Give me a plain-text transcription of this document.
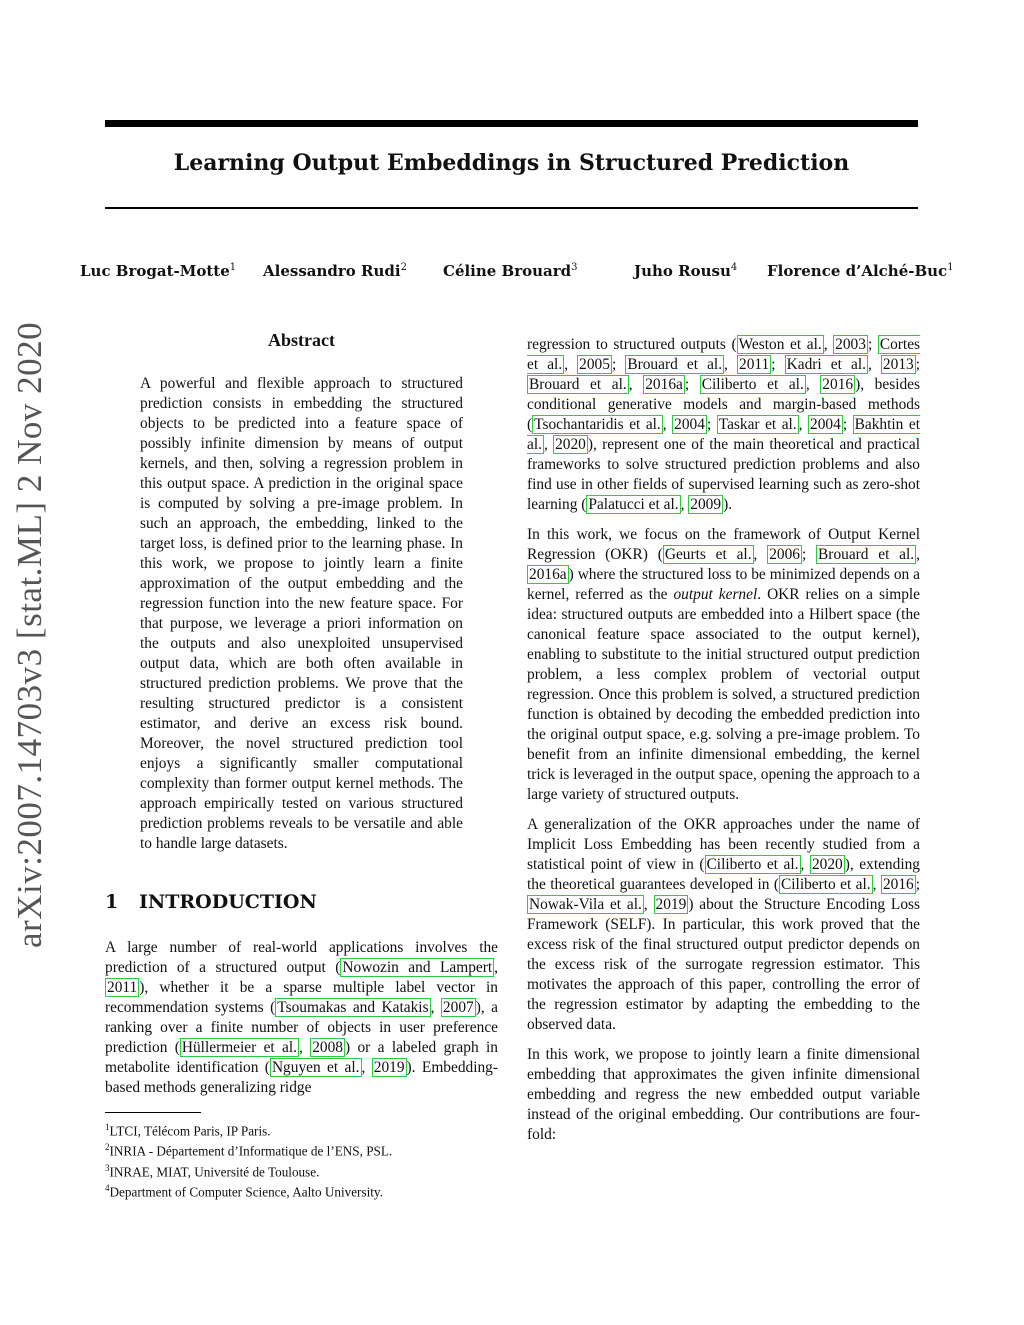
arXiv:2007.14703v3 [stat.ML] 2 Nov 2020
Learning Output Embeddings in Structured Prediction
Luc Brogat-Motte$^1$ Alessandro Rudi$^2$ Céline Brouard$^3$	Juho Rousu$^4$ Florence d’Alché-Buc$^1$
Abstract
A powerful and flexible approach to structured prediction consists in embedding the structured objects to be predicted into a feature space of possibly infinite dimension by means of output kernels, and then, solving a regression problem in this output space. A prediction in the original space is computed by solving a pre-image problem. In such an approach, the embedding, linked to the target loss, is defined prior to the learning phase. In this work, we propose to jointly learn a finite approximation of the output embedding and the regression function into the new feature space. For that purpose, we leverage a priori information on the outputs and also unexploited unsupervised output data, which are both often available in structured prediction problems. We prove that the resulting structured predictor is a consistent estimator, and derive an excess risk bound. Moreover, the novel structured prediction tool enjoys a significantly smaller computational complexity than former output kernel methods. The approach empirically tested on various structured prediction problems reveals to be versatile and able to handle large datasets.
1 INTRODUCTION

A large number of real-world applications involves the prediction of a structured output ( Nowozin and Lampert , 2011 ), whether it be a sparse multiple label vector in recommendation systems ( Tsoumakas and Katakis , 2007 ), a ranking over a finite number of objects in user preference prediction ( Hüllermeier et al. , 2008 ) or a labeled graph in metabolite identification ( Nguyen et al. , 2019 ). Embedding-based methods generalizing ridge

$^1$LTCI, Télécom Paris, IP Paris.
$^2$INRIA - Département d’Informatique de l’ENS, PSL.
$^3$INRAE, MIAT, Université de Toulouse.
$^4$Department of Computer Science, Aalto University.

regression to structured outputs ( Weston et al. , 2003 ; Cortes et al. , 2005 ; Brouard et al. , 2011 ; Kadri et al. , 2013 ; Brouard et al. , 2016a ; Ciliberto et al. , 2016 ), besides conditional generative models and margin-based methods ( Tsochantaridis et al. , 2004 ; Taskar et al. , 2004 ; Bakhtin et al. , 2020 ), represent one of the main theoretical and practical frameworks to solve structured prediction problems and also find use in other fields of supervised learning such as zero-shot learning ( Palatucci et al. , 2009 ).

In this work, we focus on the framework of Output Kernel Regression (OKR) ( Geurts et al. , 2006 ; Brouard et al. , 2016a ) where the structured loss to be minimized depends on a kernel, referred as the output kernel. OKR relies on a simple idea: structured outputs are embedded into a Hilbert space (the canonical feature space associated to the output kernel), enabling to substitute to the initial structured output prediction problem, a less complex problem of vectorial output regression. Once this problem is solved, a structured prediction function is obtained by decoding the embedded prediction into the original output space, e.g. solving a pre-image problem. To benefit from an infinite dimensional embedding, the kernel trick is leveraged in the output space, opening the approach to a large variety of structured outputs.

A generalization of the OKR approaches under the name of Implicit Loss Embedding has been recently studied from a statistical point of view in ( Ciliberto et al. , 2020 ), extending the theoretical guarantees developed in ( Ciliberto et al. , 2016 ; Nowak-Vila et al. , 2019 ) about the Structure Encoding Loss Framework (SELF). In particular, this work proved that the excess risk of the final structured output predictor depends on the excess risk of the surrogate regression estimator. This motivates the approach of this paper, controlling the error of the regression estimator by adapting the embedding to the observed data.

In this work, we propose to jointly learn a finite dimensional embedding that approximates the given infinite dimensional embedding and regress the new embedded output variable instead of the original embedding. Our contributions are four-fold:
